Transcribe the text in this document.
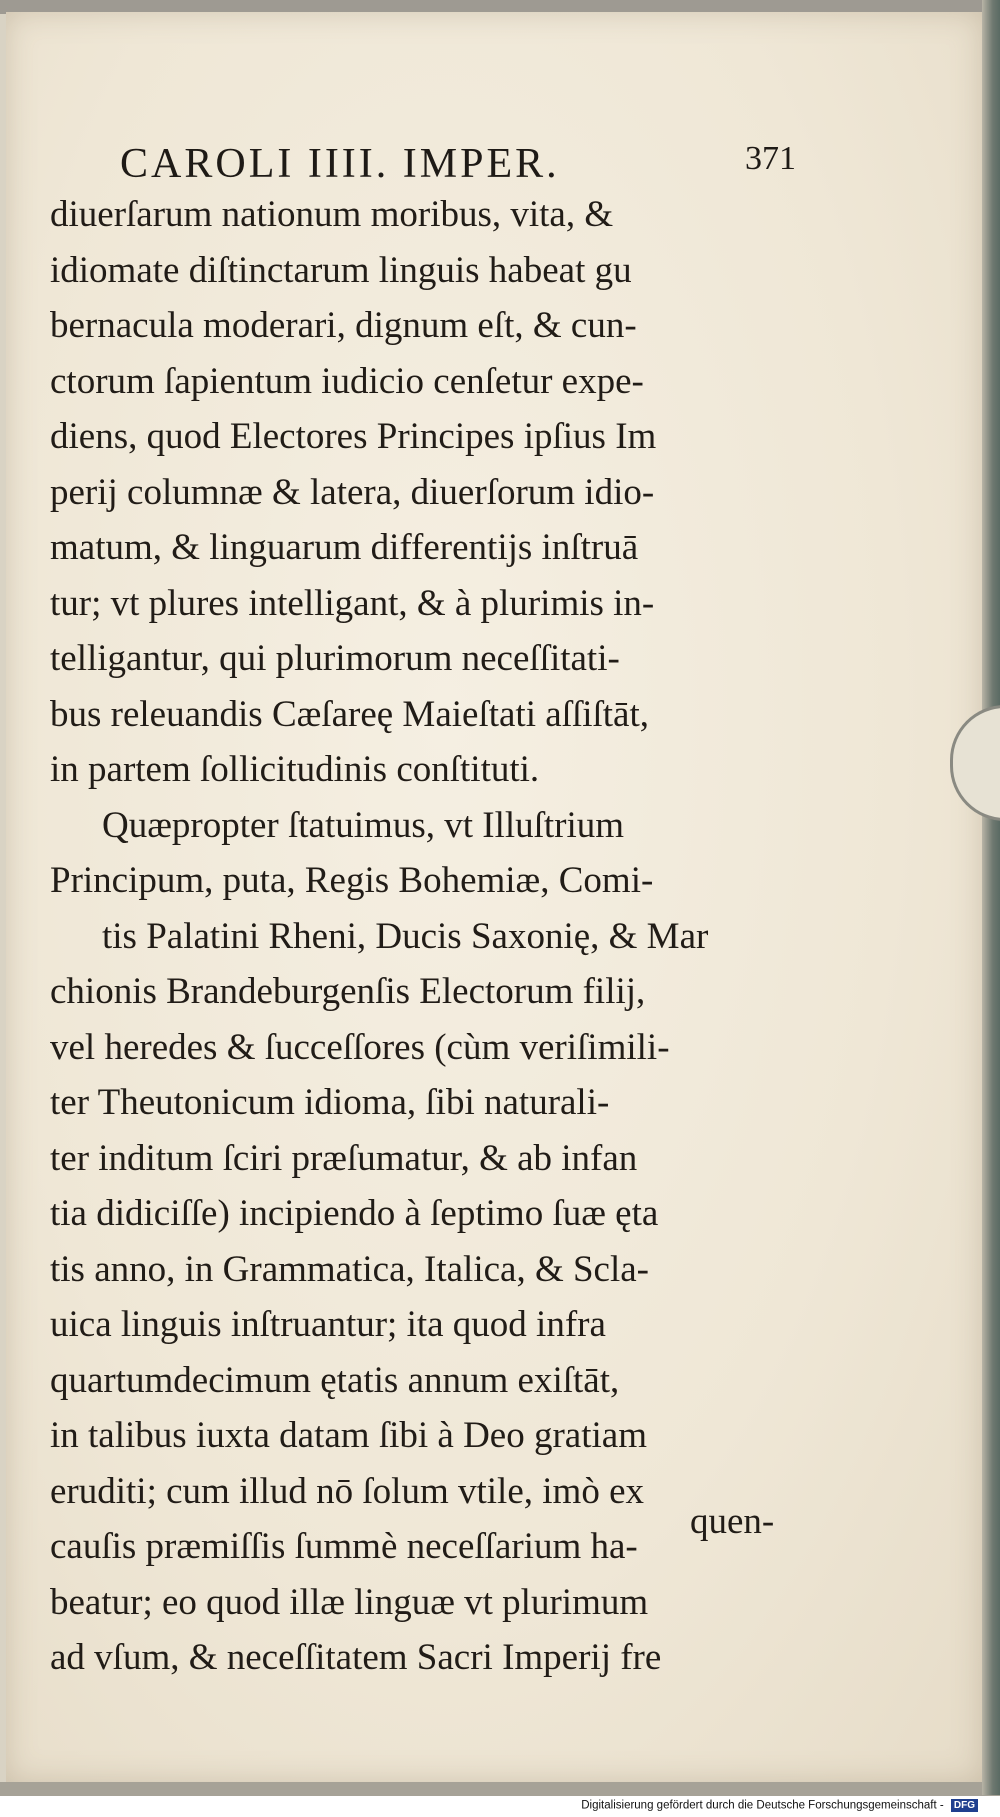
CAROLI IIII. IMPER.	371
diuerſarum nationum moribus, vita, &
idiomate diſtinctarum linguis habeat gu
bernacula moderari, dignum eſt, & cun-
ctorum ſapientum iudicio cenſetur expe-
diens, quod Electores Principes ipſius Im
perij columnæ & latera, diuerſorum idio-
matum, & linguarum differentijs inſtruā
tur; vt plures intelligant, & à plurimis in-
telligantur, qui plurimorum neceſſitati-
bus releuandis Cæſareę Maieſtati aſſiſtāt,
in partem ſollicitudinis conſtituti.
Quæpropter ſtatuimus, vt Illuſtrium
Principum, puta, Regis Bohemiæ, Comi-
tis Palatini Rheni, Ducis Saxonię, & Mar
chionis Brandeburgenſis Electorum filij,
vel heredes & ſucceſſores (cùm veriſimili-
ter Theutonicum idioma, ſibi naturali-
ter inditum ſciri præſumatur, & ab infan
tia didiciſſe) incipiendo à ſeptimo ſuæ ęta
tis anno, in Grammatica, Italica, & Scla-
uica linguis inſtruantur; ita quod infra
quartumdecimum ętatis annum exiſtāt,
in talibus iuxta datam ſibi à Deo gratiam
eruditi; cum illud nō ſolum vtile, imò ex
cauſis præmiſſis ſummè neceſſarium ha-
beatur; eo quod illæ linguæ vt plurimum
ad vſum, & neceſſitatem Sacri Imperij fre
quen-
Digitalisierung gefördert durch die Deutsche Forschungsgemeinschaft - DFG
